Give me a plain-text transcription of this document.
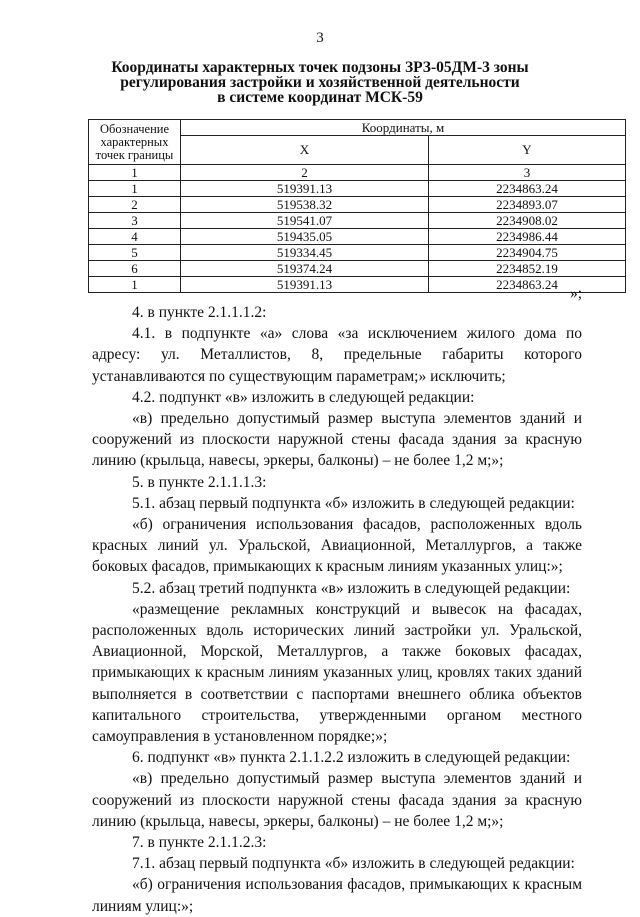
3
Координаты характерных точек подзоны ЗРЗ-05ДМ-3 зоны
регулирования застройки и хозяйственной деятельности
в системе координат МСК-59
Обозначение характерных точек границы	Координаты, м	
	X	Y
1	2	3
1	519391.13	2234863.24
2	519538.32	2234893.07
3	519541.07	2234908.02
4	519435.05	2234986.44
5	519334.45	2234904.75
6	519374.24	2234852.19
1	519391.13	2234863.24
»;

4. в пункте 2.1.1.1.2:

4.1. в подпункте «а» слова «за исключением жилого дома по адресу: ул. Металлистов, 8, предельные габариты которого устанавливаются по существующим параметрам;» исключить;

4.2. подпункт «в» изложить в следующей редакции:

«в) предельно допустимый размер выступа элементов зданий и сооружений из плоскости наружной стены фасада здания за красную линию (крыльца, навесы, эркеры, балконы) – не более 1,2 м;»;

5. в пункте 2.1.1.1.3:

5.1. абзац первый подпункта «б» изложить в следующей редакции:

«б) ограничения использования фасадов, расположенных вдоль красных линий ул. Уральской, Авиационной, Металлургов, а также боковых фасадов, примыкающих к красным линиям указанных улиц:»;

5.2. абзац третий подпункта «в» изложить в следующей редакции:

«размещение рекламных конструкций и вывесок на фасадах, расположенных вдоль исторических линий застройки ул. Уральской, Авиационной, Морской, Металлургов, а также боковых фасадах, примыкающих к красным линиям указанных улиц, кровлях таких зданий выполняется в соответствии с паспортами внешнего облика объектов капитального строительства, утвержденными органом местного самоуправления в установленном порядке;»;

6. подпункт «в» пункта 2.1.1.2.2 изложить в следующей редакции:

«в) предельно допустимый размер выступа элементов зданий и сооружений из плоскости наружной стены фасада здания за красную линию (крыльца, навесы, эркеры, балконы) – не более 1,2 м;»;

7. в пункте 2.1.1.2.3:

7.1. абзац первый подпункта «б» изложить в следующей редакции:

«б) ограничения использования фасадов, примыкающих к красным линиям улиц:»;
